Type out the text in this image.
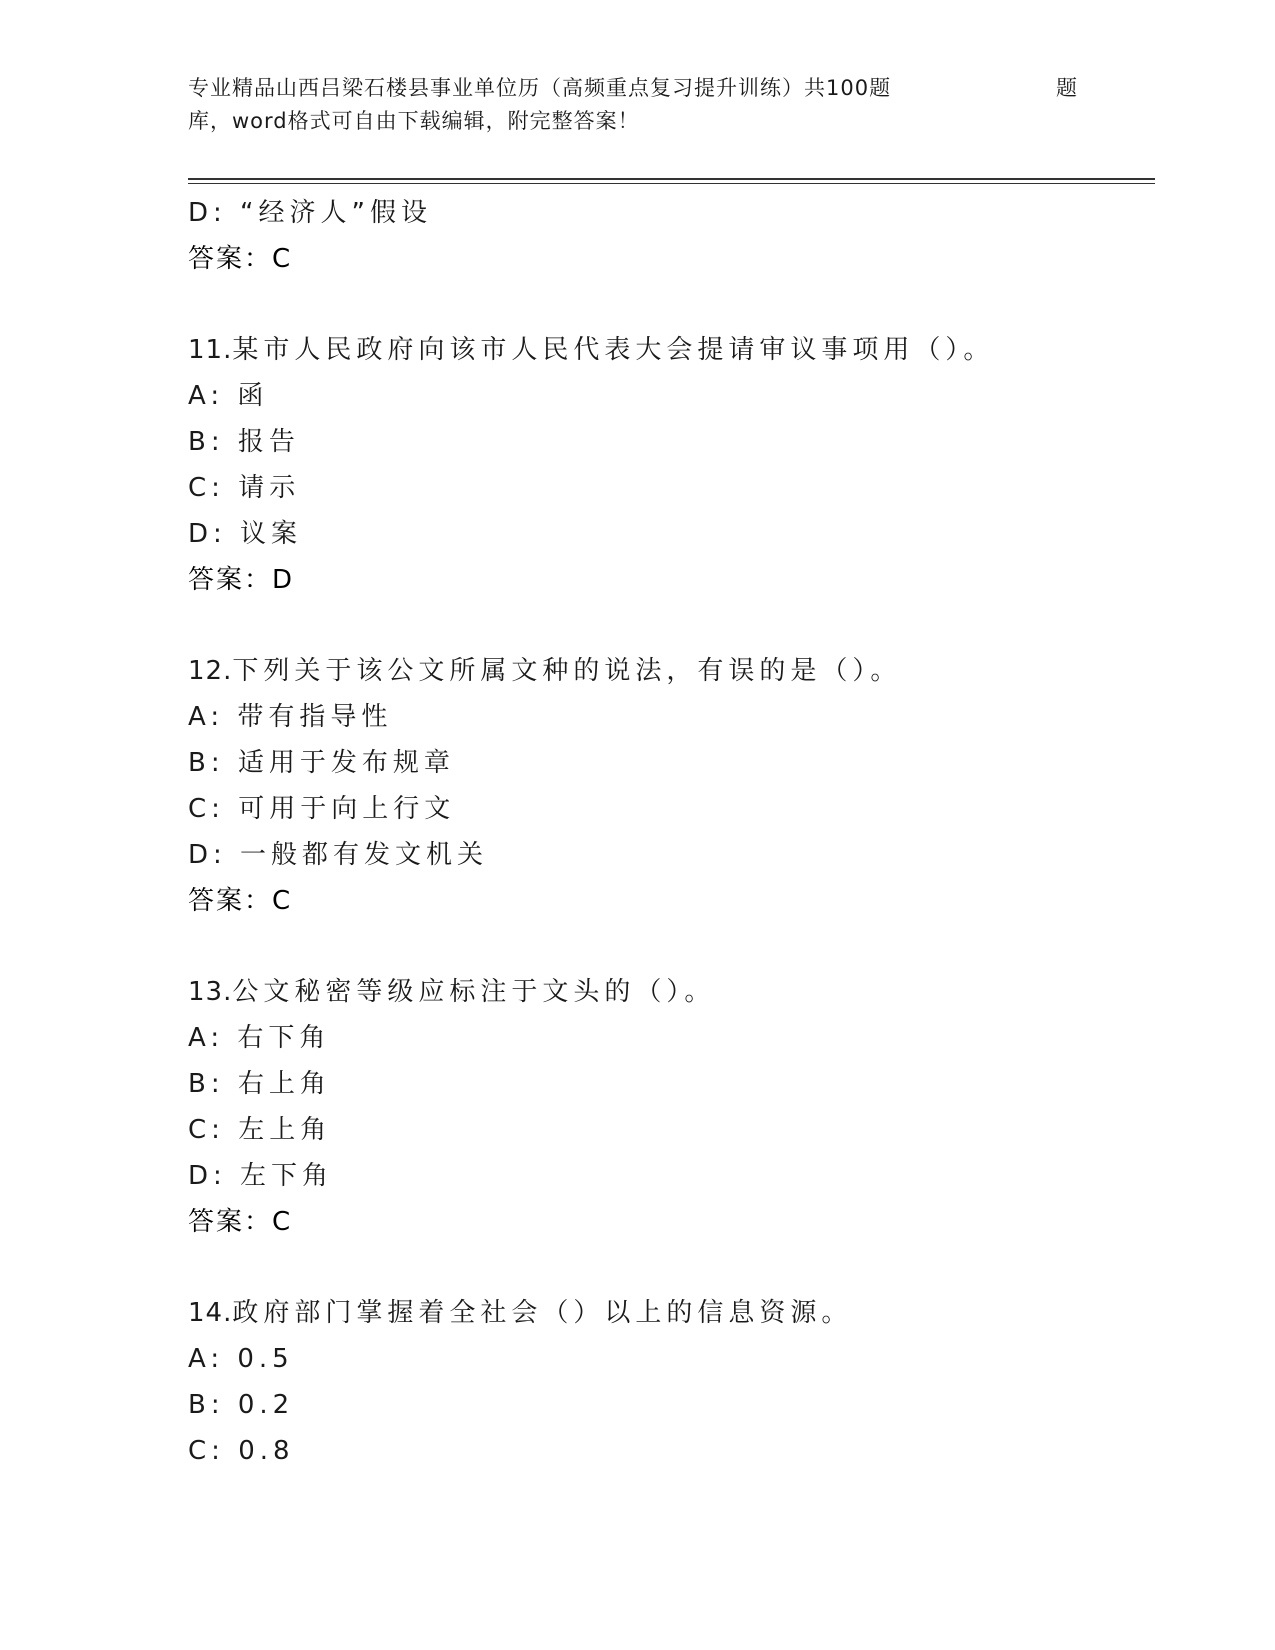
专业精品山西吕梁石楼县事业单位历（高频重点复习提升训练）共100题	题
库，word格式可自由下载编辑，附完整答案！
D: “经济人”假设
答案：C
11.某市人民政府向该市人民代表大会提请审议事项用（）。
A: 函
B: 报告
C: 请示
D: 议案
答案：D
12.下列关于该公文所属文种的说法，有误的是（）。
A: 带有指导性
B: 适用于发布规章
C: 可用于向上行文
D: 一般都有发文机关
答案：C
13.公文秘密等级应标注于文头的（）。
A: 右下角
B: 右上角
C: 左上角
D: 左下角
答案：C
14.政府部门掌握着全社会（）以上的信息资源。
A: 0.5
B: 0.2
C: 0.8
